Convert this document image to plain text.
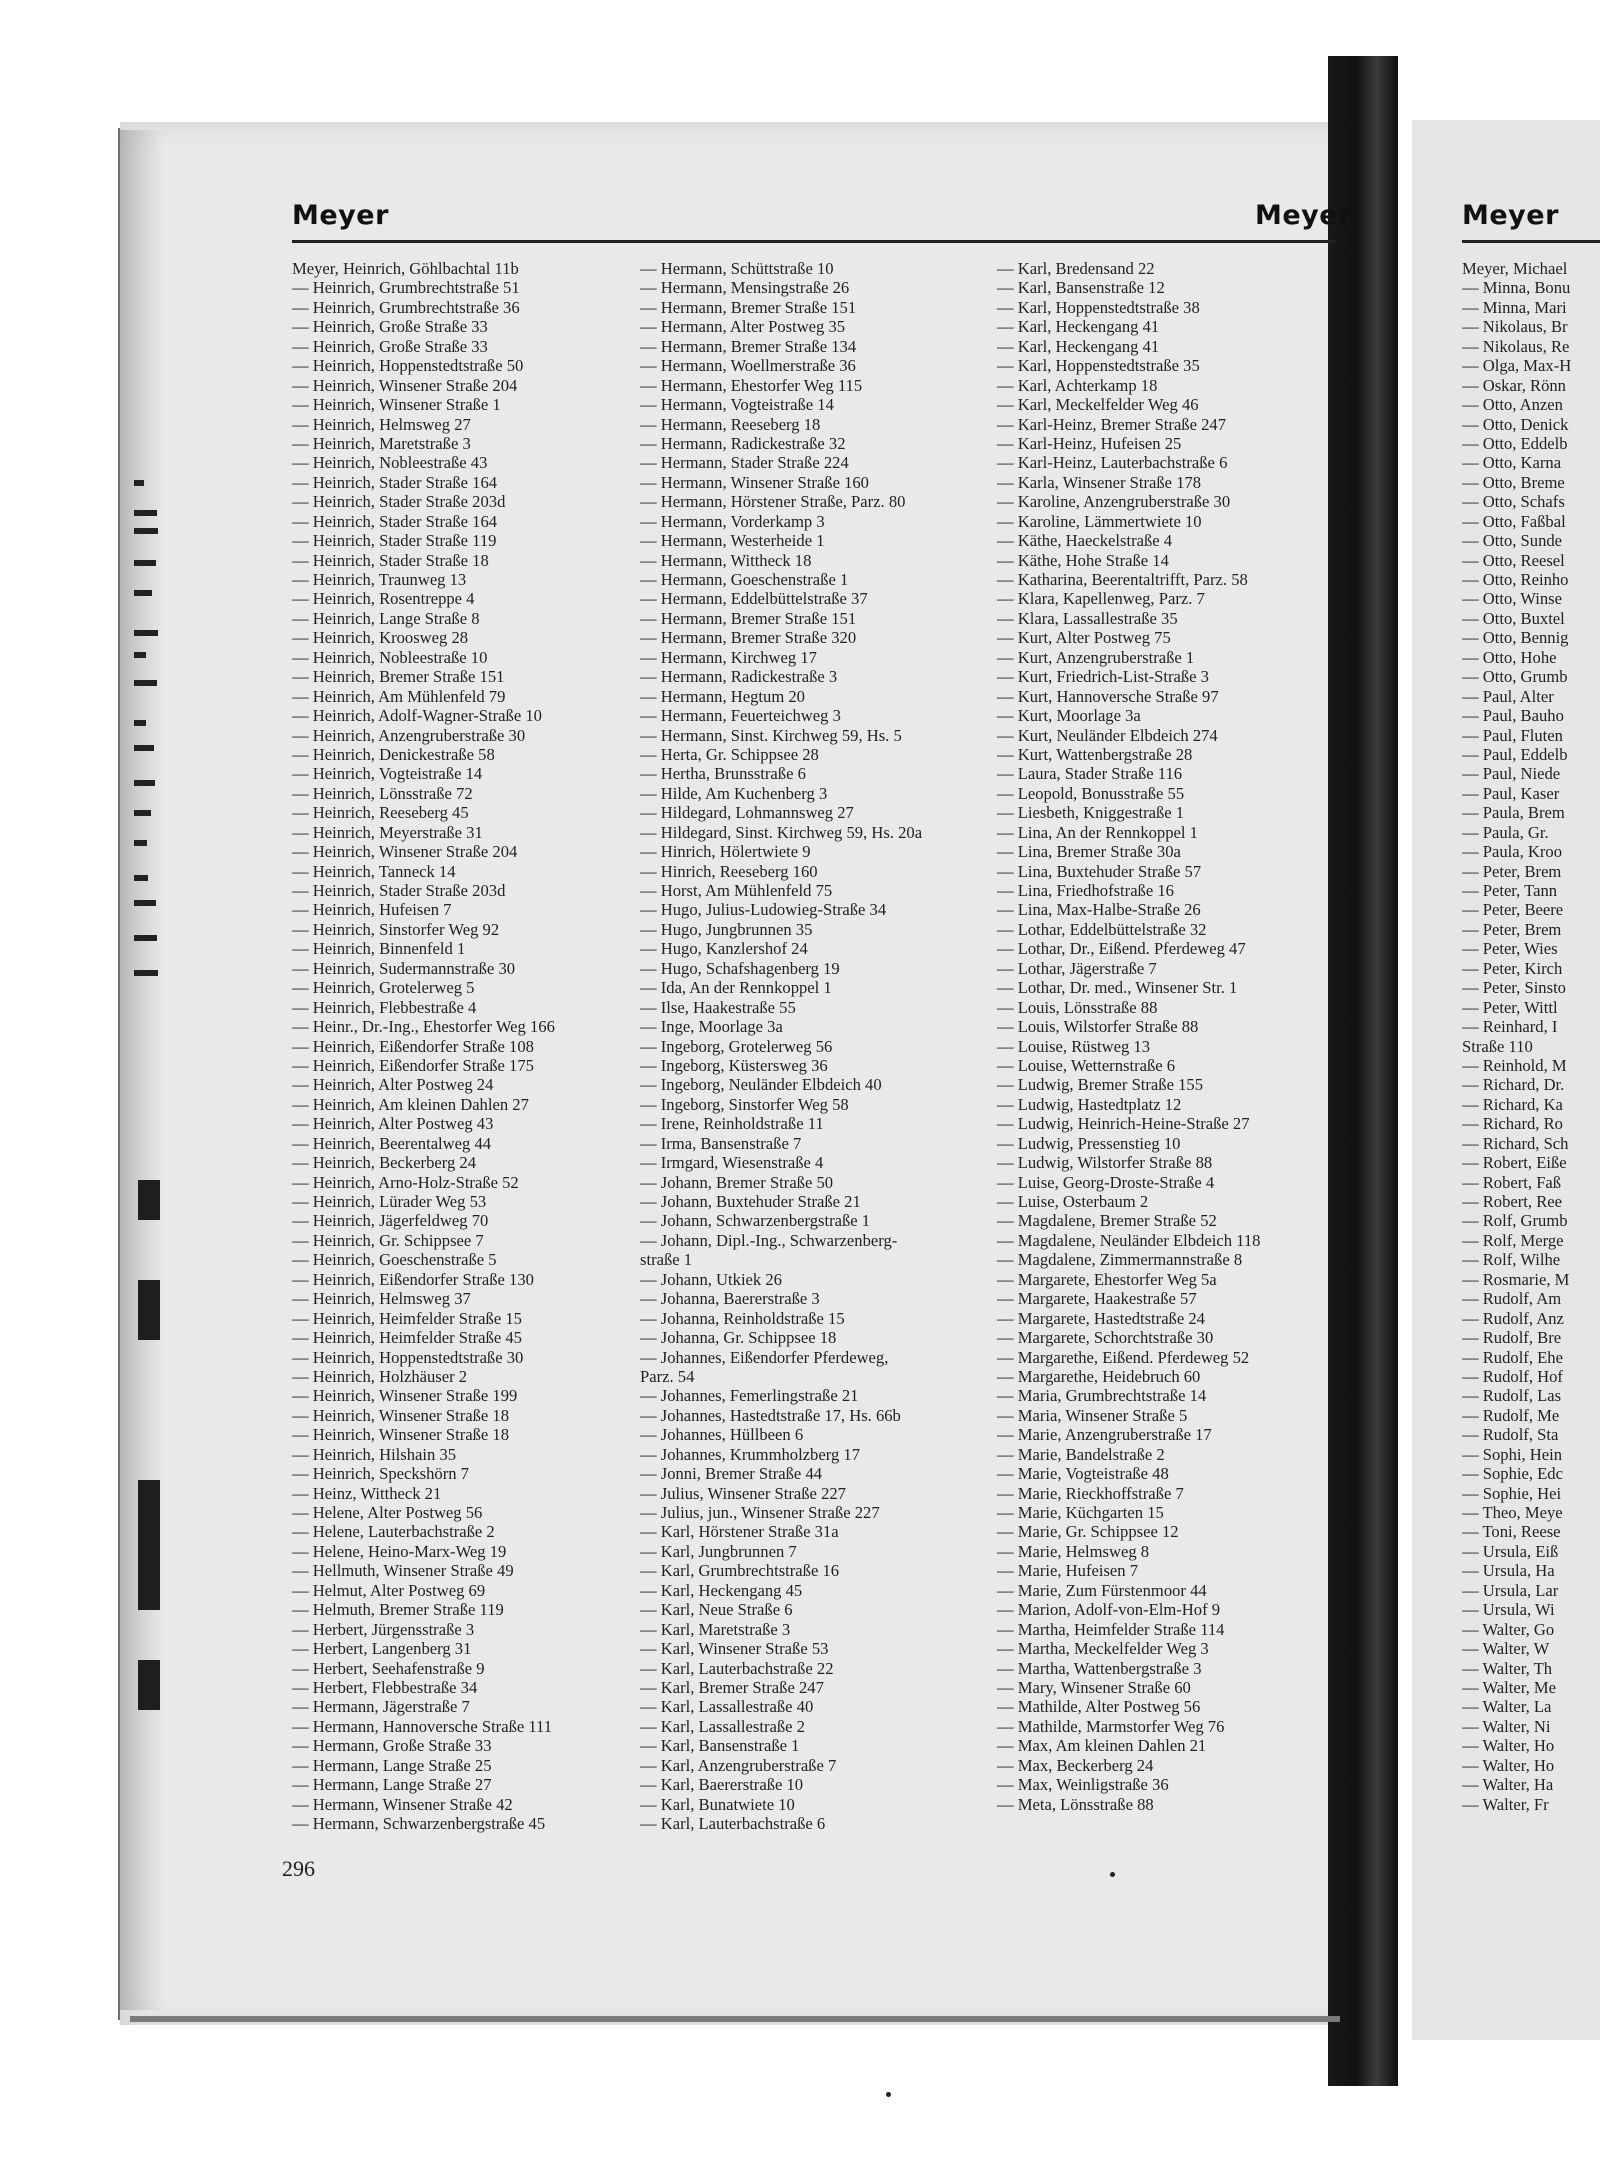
Meyer	Meyer	Meyer
Meyer, Heinrich, Göhlbachtal 11b
— Heinrich, Grumbrechtstraße 51
— Heinrich, Grumbrechtstraße 36
— Heinrich, Große Straße 33
— Heinrich, Große Straße 33
— Heinrich, Hoppenstedtstraße 50
— Heinrich, Winsener Straße 204
— Heinrich, Winsener Straße 1
— Heinrich, Helmsweg 27
— Heinrich, Maretstraße 3
— Heinrich, Nobleestraße 43
— Heinrich, Stader Straße 164
— Heinrich, Stader Straße 203d
— Heinrich, Stader Straße 164
— Heinrich, Stader Straße 119
— Heinrich, Stader Straße 18
— Heinrich, Traunweg 13
— Heinrich, Rosentreppe 4
— Heinrich, Lange Straße 8
— Heinrich, Kroosweg 28
— Heinrich, Nobleestraße 10
— Heinrich, Bremer Straße 151
— Heinrich, Am Mühlenfeld 79
— Heinrich, Adolf-Wagner-Straße 10
— Heinrich, Anzengruberstraße 30
— Heinrich, Denickestraße 58
— Heinrich, Vogteistraße 14
— Heinrich, Lönsstraße 72
— Heinrich, Reeseberg 45
— Heinrich, Meyerstraße 31
— Heinrich, Winsener Straße 204
— Heinrich, Tanneck 14
— Heinrich, Stader Straße 203d
— Heinrich, Hufeisen 7
— Heinrich, Sinstorfer Weg 92
— Heinrich, Binnenfeld 1
— Heinrich, Sudermannstraße 30
— Heinrich, Grotelerweg 5
— Heinrich, Flebbestraße 4
— Heinr., Dr.-Ing., Ehestorfer Weg 166
— Heinrich, Eißendorfer Straße 108
— Heinrich, Eißendorfer Straße 175
— Heinrich, Alter Postweg 24
— Heinrich, Am kleinen Dahlen 27
— Heinrich, Alter Postweg 43
— Heinrich, Beerentalweg 44
— Heinrich, Beckerberg 24
— Heinrich, Arno-Holz-Straße 52
— Heinrich, Lürader Weg 53
— Heinrich, Jägerfeldweg 70
— Heinrich, Gr. Schippsee 7
— Heinrich, Goeschenstraße 5
— Heinrich, Eißendorfer Straße 130
— Heinrich, Helmsweg 37
— Heinrich, Heimfelder Straße 15
— Heinrich, Heimfelder Straße 45
— Heinrich, Hoppenstedtstraße 30
— Heinrich, Holzhäuser 2
— Heinrich, Winsener Straße 199
— Heinrich, Winsener Straße 18
— Heinrich, Winsener Straße 18
— Heinrich, Hilshain 35
— Heinrich, Speckshörn 7
— Heinz, Wittheck 21
— Helene, Alter Postweg 56
— Helene, Lauterbachstraße 2
— Helene, Heino-Marx-Weg 19
— Hellmuth, Winsener Straße 49
— Helmut, Alter Postweg 69
— Helmuth, Bremer Straße 119
— Herbert, Jürgensstraße 3
— Herbert, Langenberg 31
— Herbert, Seehafenstraße 9
— Herbert, Flebbestraße 34
— Hermann, Jägerstraße 7
— Hermann, Hannoversche Straße 111
— Hermann, Große Straße 33
— Hermann, Lange Straße 25
— Hermann, Lange Straße 27
— Hermann, Winsener Straße 42
— Hermann, Schwarzenbergstraße 45
— Hermann, Schüttstraße 10
— Hermann, Mensingstraße 26
— Hermann, Bremer Straße 151
— Hermann, Alter Postweg 35
— Hermann, Bremer Straße 134
— Hermann, Woellmerstraße 36
— Hermann, Ehestorfer Weg 115
— Hermann, Vogteistraße 14
— Hermann, Reeseberg 18
— Hermann, Radickestraße 32
— Hermann, Stader Straße 224
— Hermann, Winsener Straße 160
— Hermann, Hörstener Straße, Parz. 80
— Hermann, Vorderkamp 3
— Hermann, Westerheide 1
— Hermann, Wittheck 18
— Hermann, Goeschenstraße 1
— Hermann, Eddelbüttelstraße 37
— Hermann, Bremer Straße 151
— Hermann, Bremer Straße 320
— Hermann, Kirchweg 17
— Hermann, Radickestraße 3
— Hermann, Hegtum 20
— Hermann, Feuerteichweg 3
— Hermann, Sinst. Kirchweg 59, Hs. 5
— Herta, Gr. Schippsee 28
— Hertha, Brunsstraße 6
— Hilde, Am Kuchenberg 3
— Hildegard, Lohmannsweg 27
— Hildegard, Sinst. Kirchweg 59, Hs. 20a
— Hinrich, Hölertwiete 9
— Hinrich, Reeseberg 160
— Horst, Am Mühlenfeld 75
— Hugo, Julius-Ludowieg-Straße 34
— Hugo, Jungbrunnen 35
— Hugo, Kanzlershof 24
— Hugo, Schafshagenberg 19
— Ida, An der Rennkoppel 1
— Ilse, Haakestraße 55
— Inge, Moorlage 3a
— Ingeborg, Grotelerweg 56
— Ingeborg, Küstersweg 36
— Ingeborg, Neuländer Elbdeich 40
— Ingeborg, Sinstorfer Weg 58
— Irene, Reinholdstraße 11
— Irma, Bansenstraße 7
— Irmgard, Wiesenstraße 4
— Johann, Bremer Straße 50
— Johann, Buxtehuder Straße 21
— Johann, Schwarzenbergstraße 1
— Johann, Dipl.-Ing., Schwarzenberg-
straße 1
— Johann, Utkiek 26
— Johanna, Baererstraße 3
— Johanna, Reinholdstraße 15
— Johanna, Gr. Schippsee 18
— Johannes, Eißendorfer Pferdeweg,
Parz. 54
— Johannes, Femerlingstraße 21
— Johannes, Hastedtstraße 17, Hs. 66b
— Johannes, Hüllbeen 6
— Johannes, Krummholzberg 17
— Jonni, Bremer Straße 44
— Julius, Winsener Straße 227
— Julius, jun., Winsener Straße 227
— Karl, Hörstener Straße 31a
— Karl, Jungbrunnen 7
— Karl, Grumbrechtstraße 16
— Karl, Heckengang 45
— Karl, Neue Straße 6
— Karl, Maretstraße 3
— Karl, Winsener Straße 53
— Karl, Lauterbachstraße 22
— Karl, Bremer Straße 247
— Karl, Lassallestraße 40
— Karl, Lassallestraße 2
— Karl, Bansenstraße 1
— Karl, Anzengruberstraße 7
— Karl, Baererstraße 10
— Karl, Bunatwiete 10
— Karl, Lauterbachstraße 6
— Karl, Bredensand 22
— Karl, Bansenstraße 12
— Karl, Hoppenstedtstraße 38
— Karl, Heckengang 41
— Karl, Heckengang 41
— Karl, Hoppenstedtstraße 35
— Karl, Achterkamp 18
— Karl, Meckelfelder Weg 46
— Karl-Heinz, Bremer Straße 247
— Karl-Heinz, Hufeisen 25
— Karl-Heinz, Lauterbachstraße 6
— Karla, Winsener Straße 178
— Karoline, Anzengruberstraße 30
— Karoline, Lämmertwiete 10
— Käthe, Haeckelstraße 4
— Käthe, Hohe Straße 14
— Katharina, Beerentaltrifft, Parz. 58
— Klara, Kapellenweg, Parz. 7
— Klara, Lassallestraße 35
— Kurt, Alter Postweg 75
— Kurt, Anzengruberstraße 1
— Kurt, Friedrich-List-Straße 3
— Kurt, Hannoversche Straße 97
— Kurt, Moorlage 3a
— Kurt, Neuländer Elbdeich 274
— Kurt, Wattenbergstraße 28
— Laura, Stader Straße 116
— Leopold, Bonusstraße 55
— Liesbeth, Kniggestraße 1
— Lina, An der Rennkoppel 1
— Lina, Bremer Straße 30a
— Lina, Buxtehuder Straße 57
— Lina, Friedhofstraße 16
— Lina, Max-Halbe-Straße 26
— Lothar, Eddelbüttelstraße 32
— Lothar, Dr., Eißend. Pferdeweg 47
— Lothar, Jägerstraße 7
— Lothar, Dr. med., Winsener Str. 1
— Louis, Lönsstraße 88
— Louis, Wilstorfer Straße 88
— Louise, Rüstweg 13
— Louise, Wetternstraße 6
— Ludwig, Bremer Straße 155
— Ludwig, Hastedtplatz 12
— Ludwig, Heinrich-Heine-Straße 27
— Ludwig, Pressenstieg 10
— Ludwig, Wilstorfer Straße 88
— Luise, Georg-Droste-Straße 4
— Luise, Osterbaum 2
— Magdalene, Bremer Straße 52
— Magdalene, Neuländer Elbdeich 118
— Magdalene, Zimmermannstraße 8
— Margarete, Ehestorfer Weg 5a
— Margarete, Haakestraße 57
— Margarete, Hastedtstraße 24
— Margarete, Schorchtstraße 30
— Margarethe, Eißend. Pferdeweg 52
— Margarethe, Heidebruch 60
— Maria, Grumbrechtstraße 14
— Maria, Winsener Straße 5
— Marie, Anzengruberstraße 17
— Marie, Bandelstraße 2
— Marie, Vogteistraße 48
— Marie, Rieckhoffstraße 7
— Marie, Küchgarten 15
— Marie, Gr. Schippsee 12
— Marie, Helmsweg 8
— Marie, Hufeisen 7
— Marie, Zum Fürstenmoor 44
— Marion, Adolf-von-Elm-Hof 9
— Martha, Heimfelder Straße 114
— Martha, Meckelfelder Weg 3
— Martha, Wattenbergstraße 3
— Mary, Winsener Straße 60
— Mathilde, Alter Postweg 56
— Mathilde, Marmstorfer Weg 76
— Max, Am kleinen Dahlen 21
— Max, Beckerberg 24
— Max, Weinligstraße 36
— Meta, Lönsstraße 88
Meyer, Michael
— Minna, Bonu
— Minna, Mari
— Nikolaus, Br
— Nikolaus, Re
— Olga, Max-H
— Oskar, Rönn
— Otto, Anzen
— Otto, Denick
— Otto, Eddelb
— Otto, Karna
— Otto, Breme
— Otto, Schafs
— Otto, Faßbal
— Otto, Sunde
— Otto, Reesel
— Otto, Reinho
— Otto, Winse
— Otto, Buxtel
— Otto, Bennig
— Otto, Hohe
— Otto, Grumb
— Paul, Alter
— Paul, Bauho
— Paul, Fluten
— Paul, Eddelb
— Paul, Niede
— Paul, Kaser
— Paula, Brem
— Paula, Gr.
— Paula, Kroo
— Peter, Brem
— Peter, Tann
— Peter, Beere
— Peter, Brem
— Peter, Wies
— Peter, Kirch
— Peter, Sinsto
— Peter, Wittl
— Reinhard, I
Straße 110
— Reinhold, M
— Richard, Dr.
— Richard, Ka
— Richard, Ro
— Richard, Sch
— Robert, Eiße
— Robert, Faß
— Robert, Ree
— Rolf, Grumb
— Rolf, Merge
— Rolf, Wilhe
— Rosmarie, M
— Rudolf, Am
— Rudolf, Anz
— Rudolf, Bre
— Rudolf, Ehe
— Rudolf, Hof
— Rudolf, Las
— Rudolf, Me
— Rudolf, Sta
— Sophi, Hein
— Sophie, Edc
— Sophie, Hei
— Theo, Meye
— Toni, Reese
— Ursula, Eiß
— Ursula, Ha
— Ursula, Lar
— Ursula, Wi
— Walter, Go
— Walter, W
— Walter, Th
— Walter, Me
— Walter, La
— Walter, Ni
— Walter, Ho
— Walter, Ho
— Walter, Ha
— Walter, Fr
296
